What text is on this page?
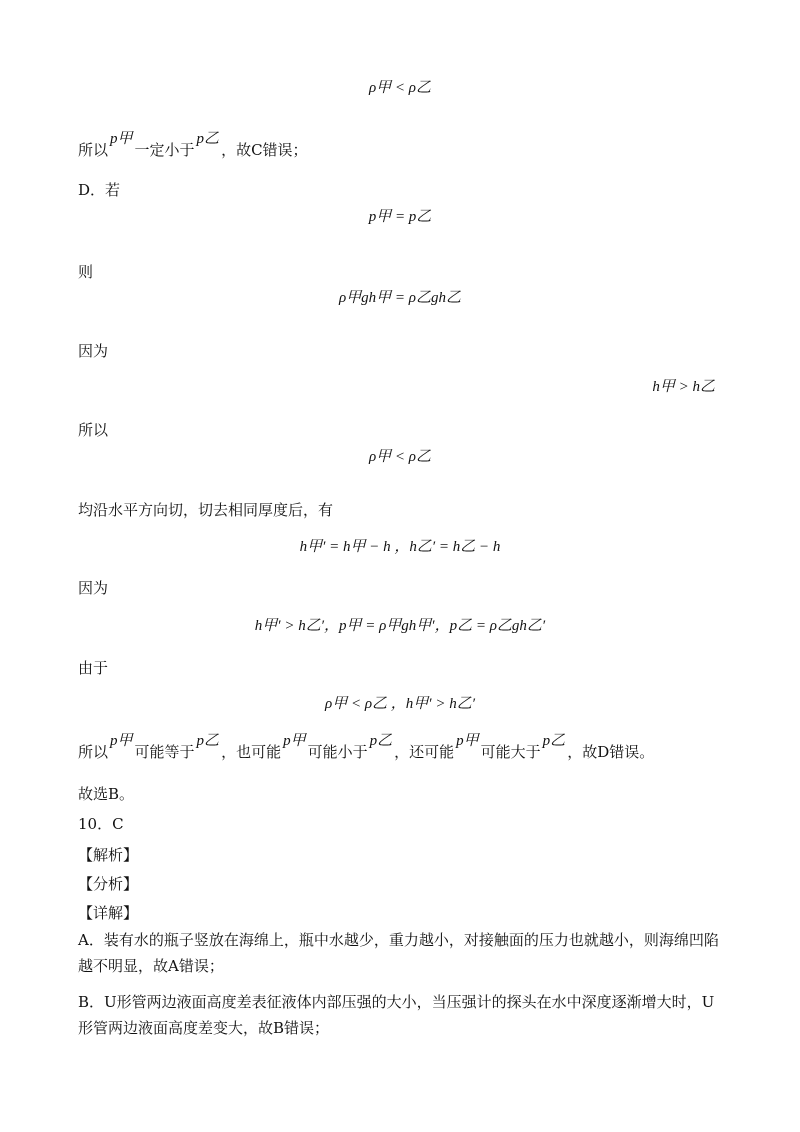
ρ甲 < ρ乙
所以p甲一定小于p乙，故C错误；
D．若
p甲 = p乙
则
ρ甲gh甲 = ρ乙gh乙
因为
h甲 > h乙
所以
ρ甲 < ρ乙
均沿水平方向切，切去相同厚度后，有
h甲′ = h甲 − h ，h乙′ = h乙 − h
因为
h甲′ > h乙′，p甲 = ρ甲gh甲′，p乙 = ρ乙gh乙′
由于
ρ甲 < ρ乙 ，h甲′ > h乙′
所以p甲可能等于p乙，也可能p甲可能小于p乙，还可能p甲可能大于p乙，故D错误。
故选B。
10．C
【解析】
【分析】
【详解】
A．装有水的瓶子竖放在海绵上，瓶中水越少，重力越小，对接触面的压力也就越小，则海绵凹陷越不明显，故A错误；
B．U形管两边液面高度差表征液体内部压强的大小，当压强计的探头在水中深度逐渐增大时，U形管两边液面高度差变大，故B错误；
